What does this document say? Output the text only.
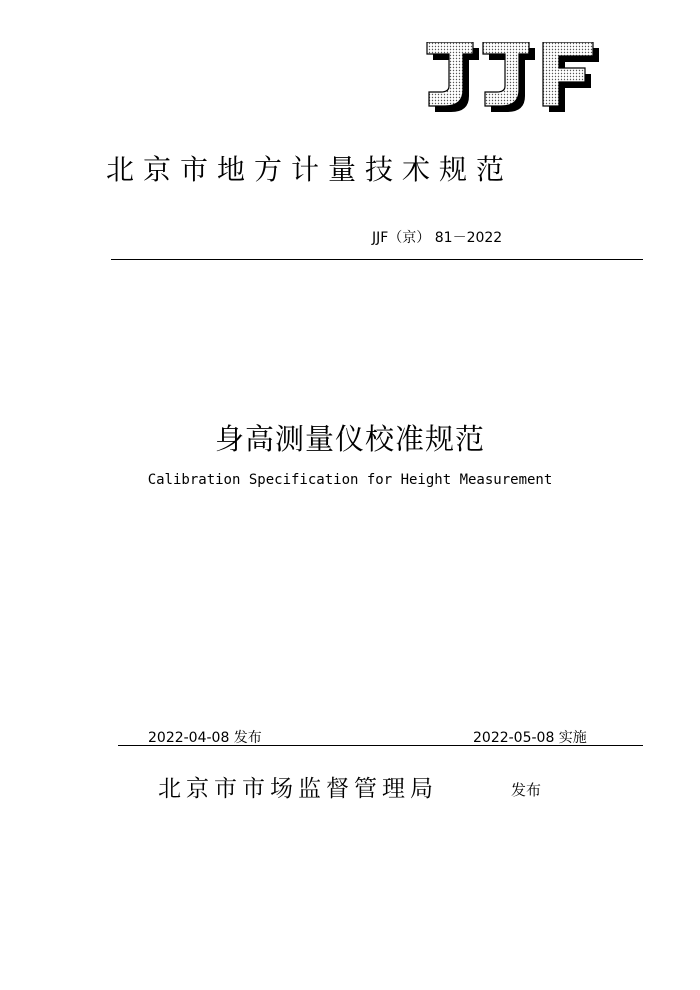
北京市地方计量技术规范
JJF（京） 81－2022
身高测量仪校准规范
Calibration Specification for Height Measurement
2022-04-08 发布	2022-05-08 实施
北京市市场监督管理局	发布
